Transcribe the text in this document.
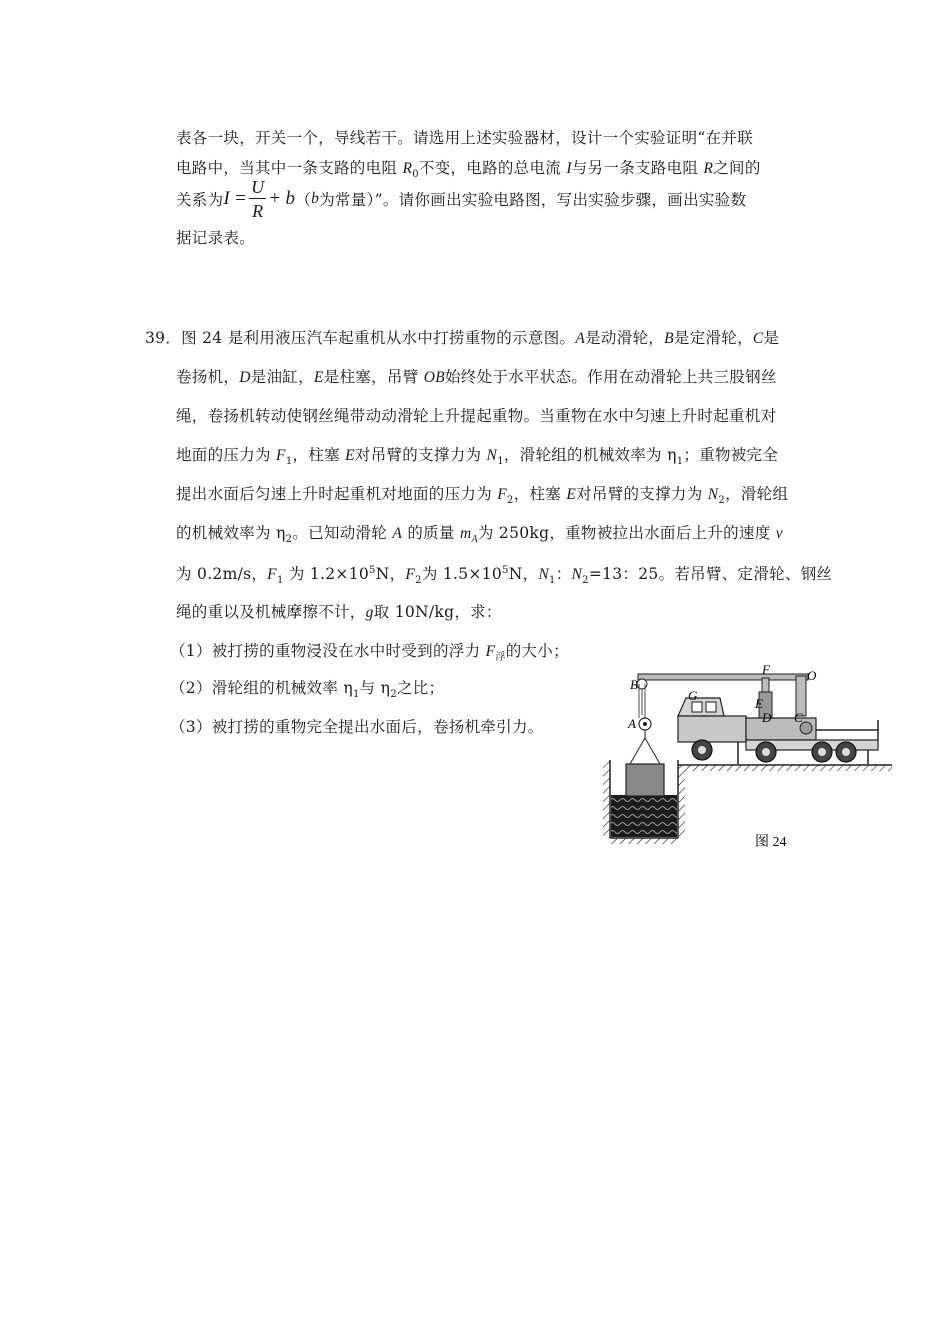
表各一块，开关一个，导线若干。请选用上述实验器材，设计一个实验证明“在并联
电路中，当其中一条支路的电阻 $R_0$不变，电路的总电流 I与另一条支路电阻 R之间的
关系为$I = \frac{U}{R} + b(b$为常量）”。请你画出实验电路图，写出实验步骤，画出实验数
据记录表。
39．图 24 是利用液压汽车起重机从水中打捞重物的示意图。A是动滑轮，B是定滑轮，C是
卷扬机，D是油缸，E是柱塞，吊臂 OB始终处于水平状态。作用在动滑轮上共三股钢丝
绳，卷扬机转动使钢丝绳带动动滑轮上升提起重物。当重物在水中匀速上升时起重机对
地面的压力为 $F_1$，柱塞 E对吊臂的支撑力为 $N_1$，滑轮组的机械效率为 $\eta_1$；重物被完全
提出水面后匀速上升时起重机对地面的压力为 $F_2$，柱塞 E对吊臂的支撑力为 $N_2$，滑轮组
的机械效率为 $\eta_2$。已知动滑轮 A 的质量 $m_A$为 250kg，重物被拉出水面后上升的速度 v
为 0.2m/s，$F_1$ 为 $1.2\times 10^5N$，$F_2$为 $1.5\times 10^5N$，$N_1$：$N_2=13$：25。若吊臂、定滑轮、钢丝
绳的重以及机械摩擦不计，g取 10N/kg，求：
（1）被打捞的重物浸没在水中时受到的浮力 $F_浮$的大小；
（2）滑轮组的机械效率 $\eta_1$与 $\eta_2$之比；
（3）被打捞的重物完全提出水面后，卷扬机牵引力。
B
A
G
F	O
E
D C
图 24
